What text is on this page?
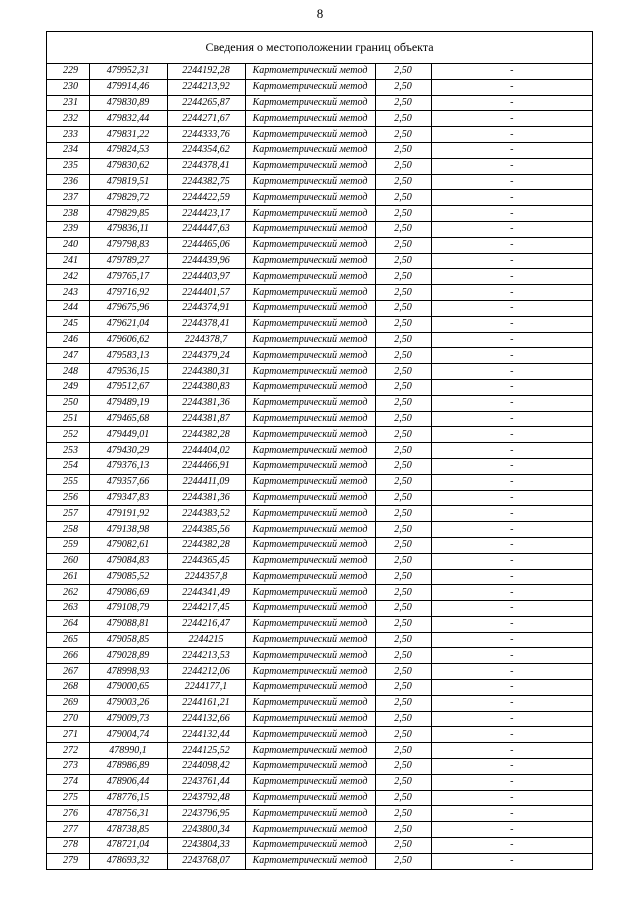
8
Сведения о местоположении границ объекта
229	479952,31	2244192,28	Картометрический метод	2,50	-
230	479914,46	2244213,92	Картометрический метод	2,50	-
231	479830,89	2244265,87	Картометрический метод	2,50	-
232	479832,44	2244271,67	Картометрический метод	2,50	-
233	479831,22	2244333,76	Картометрический метод	2,50	-
234	479824,53	2244354,62	Картометрический метод	2,50	-
235	479830,62	2244378,41	Картометрический метод	2,50	-
236	479819,51	2244382,75	Картометрический метод	2,50	-
237	479829,72	2244422,59	Картометрический метод	2,50	-
238	479829,85	2244423,17	Картометрический метод	2,50	-
239	479836,11	2244447,63	Картометрический метод	2,50	-
240	479798,83	2244465,06	Картометрический метод	2,50	-
241	479789,27	2244439,96	Картометрический метод	2,50	-
242	479765,17	2244403,97	Картометрический метод	2,50	-
243	479716,92	2244401,57	Картометрический метод	2,50	-
244	479675,96	2244374,91	Картометрический метод	2,50	-
245	479621,04	2244378,41	Картометрический метод	2,50	-
246	479606,62	2244378,7	Картометрический метод	2,50	-
247	479583,13	2244379,24	Картометрический метод	2,50	-
248	479536,15	2244380,31	Картометрический метод	2,50	-
249	479512,67	2244380,83	Картометрический метод	2,50	-
250	479489,19	2244381,36	Картометрический метод	2,50	-
251	479465,68	2244381,87	Картометрический метод	2,50	-
252	479449,01	2244382,28	Картометрический метод	2,50	-
253	479430,29	2244404,02	Картометрический метод	2,50	-
254	479376,13	2244466,91	Картометрический метод	2,50	-
255	479357,66	2244411,09	Картометрический метод	2,50	-
256	479347,83	2244381,36	Картометрический метод	2,50	-
257	479191,92	2244383,52	Картометрический метод	2,50	-
258	479138,98	2244385,56	Картометрический метод	2,50	-
259	479082,61	2244382,28	Картометрический метод	2,50	-
260	479084,83	2244365,45	Картометрический метод	2,50	-
261	479085,52	2244357,8	Картометрический метод	2,50	-
262	479086,69	2244341,49	Картометрический метод	2,50	-
263	479108,79	2244217,45	Картометрический метод	2,50	-
264	479088,81	2244216,47	Картометрический метод	2,50	-
265	479058,85	2244215	Картометрический метод	2,50	-
266	479028,89	2244213,53	Картометрический метод	2,50	-
267	478998,93	2244212,06	Картометрический метод	2,50	-
268	479000,65	2244177,1	Картометрический метод	2,50	-
269	479003,26	2244161,21	Картометрический метод	2,50	-
270	479009,73	2244132,66	Картометрический метод	2,50	-
271	479004,74	2244132,44	Картометрический метод	2,50	-
272	478990,1	2244125,52	Картометрический метод	2,50	-
273	478986,89	2244098,42	Картометрический метод	2,50	-
274	478906,44	2243761,44	Картометрический метод	2,50	-
275	478776,15	2243792,48	Картометрический метод	2,50	-
276	478756,31	2243796,95	Картометрический метод	2,50	-
277	478738,85	2243800,34	Картометрический метод	2,50	-
278	478721,04	2243804,33	Картометрический метод	2,50	-
279	478693,32	2243768,07	Картометрический метод	2,50	-
